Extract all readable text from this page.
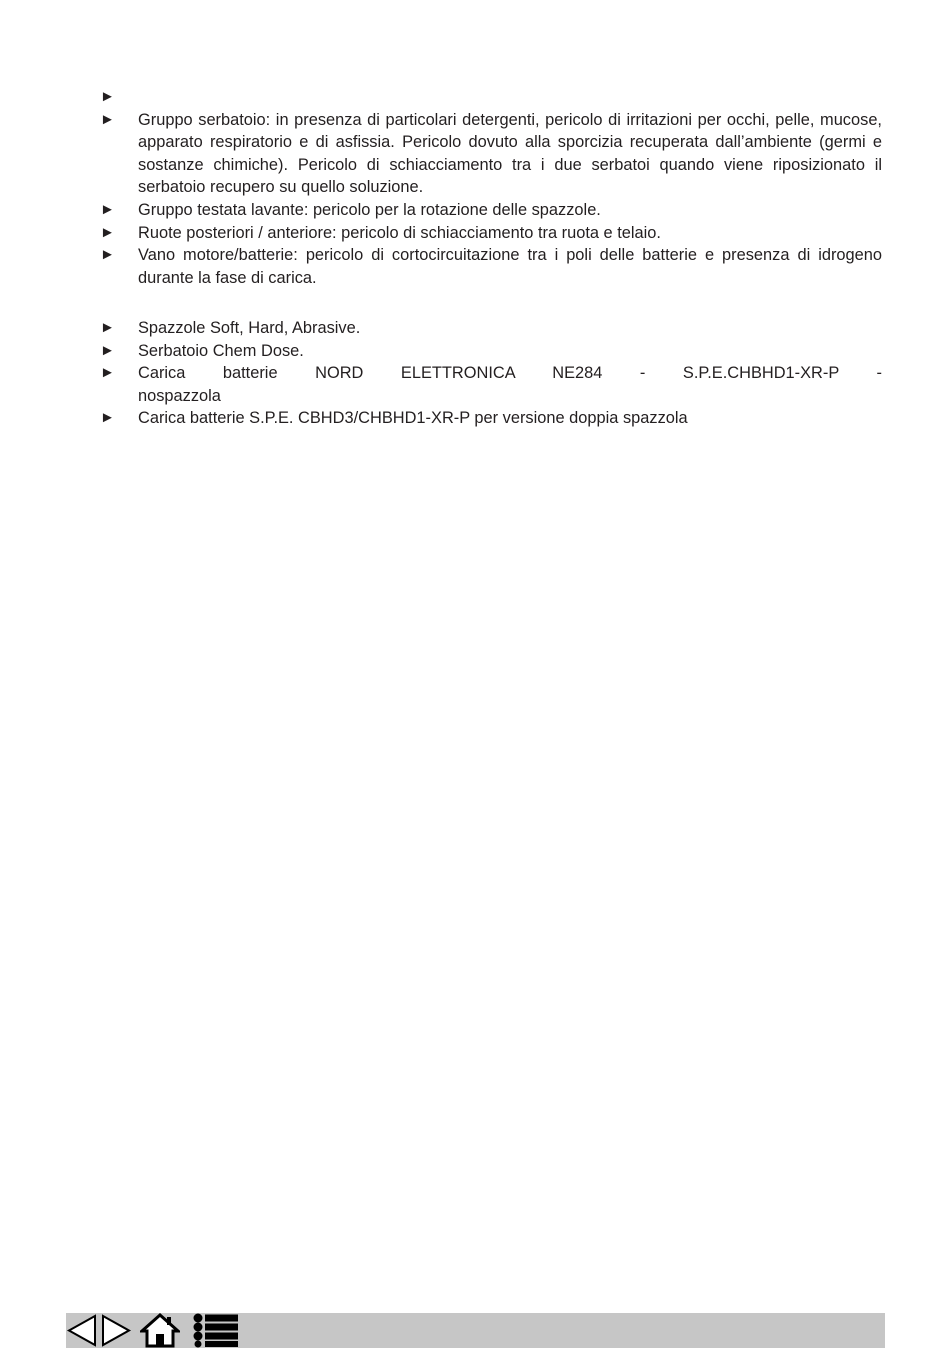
►
►	Gruppo serbatoio: in presenza di particolari detergenti, pericolo di irritazioni per occhi, pelle, mucose, apparato respiratorio e di asfissia. Pericolo dovuto alla sporcizia recuperata dall’ambiente (germi e sostanze chimiche). Pericolo di schiacciamento tra i due serbatoi quando viene riposizionato il serbatoio recupero su quello soluzione.
►	Gruppo testata lavante: pericolo per la rotazione delle spazzole.
►	Ruote posteriori / anteriore: pericolo di schiacciamento tra ruota e telaio.
►	Vano motore/batterie: pericolo di cortocircuitazione tra i poli delle batterie e presenza di idrogeno durante la fase di carica.
►	Spazzole Soft, Hard, Abrasive.
►	Serbatoio Chem Dose.
►	Carica batterie NORD ELETTRONICA NE284 - S.P.E.CHBHD1-XR-P -
nospazzola
►	Carica batterie S.P.E. CBHD3/CHBHD1-XR-P per versione doppia spazzola
